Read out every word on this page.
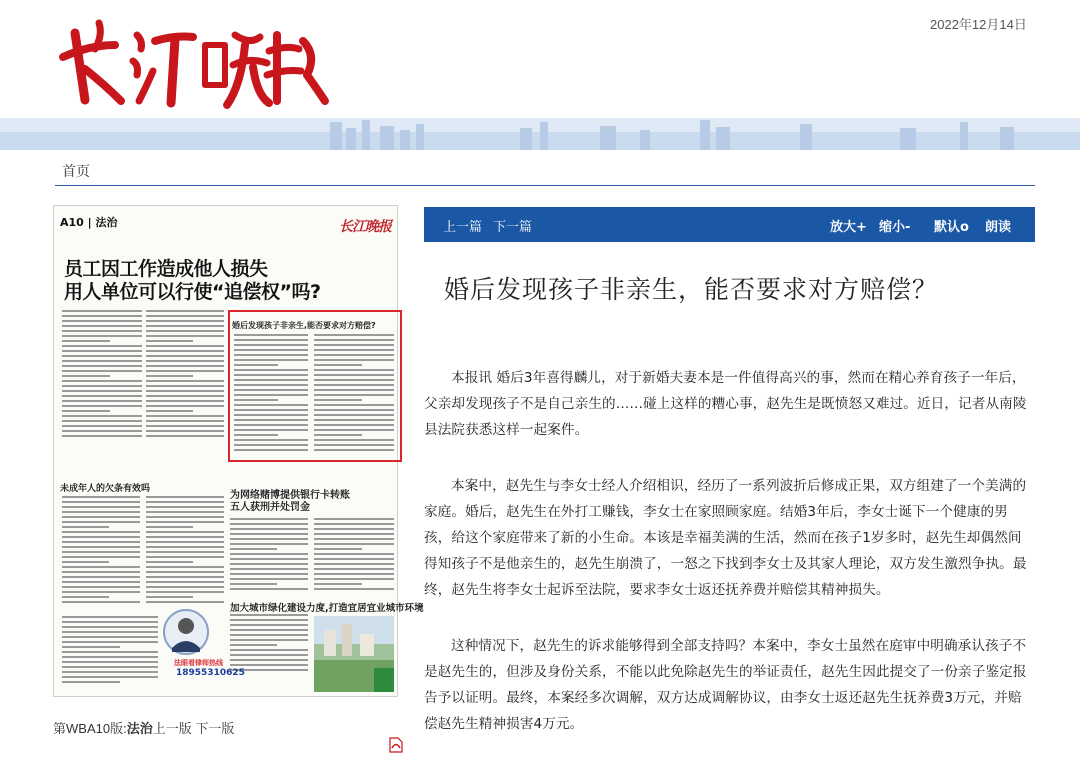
2022年12月14日
首页
A10 | 法治	长江晚报
员工因工作造成他人损失
用人单位可以行使“追偿权”吗?
婚后发现孩子非亲生,能否要求对方赔偿?
为网络赌博提供银行卡转账
五人获刑并处罚金
未成年人的欠条有效吗
加大城市绿化建设力度,打造宜居宜业城市环境
法眼看律师热线
18955310625
第WBA10版:法治上一版 下一版
上一篇 下一篇	放大+ 缩小- 默认o 朗读
婚后发现孩子非亲生，能否要求对方赔偿？

本报讯 婚后3年喜得麟儿，对于新婚夫妻本是一件值得高兴的事，然而在精心养育孩子一年后，父亲却发现孩子不是自己亲生的……碰上这样的糟心事，赵先生是既愤怒又难过。近日，记者从南陵县法院获悉这样一起案件。

本案中，赵先生与李女士经人介绍相识，经历了一系列波折后修成正果，双方组建了一个美满的家庭。婚后，赵先生在外打工赚钱，李女士在家照顾家庭。结婚3年后，李女士诞下一个健康的男孩，给这个家庭带来了新的小生命。本该是幸福美满的生活，然而在孩子1岁多时，赵先生却偶然间得知孩子不是他亲生的，赵先生崩溃了，一怒之下找到李女士及其家人理论，双方发生激烈争执。最终，赵先生将李女士起诉至法院，要求李女士返还抚养费并赔偿其精神损失。

这种情况下，赵先生的诉求能够得到全部支持吗？本案中，李女士虽然在庭审中明确承认孩子不是赵先生的，但涉及身份关系，不能以此免除赵先生的举证责任，赵先生因此提交了一份亲子鉴定报告予以证明。最终，本案经多次调解，双方达成调解协议，由李女士返还赵先生抚养费3万元，并赔偿赵先生精神损害4万元。
